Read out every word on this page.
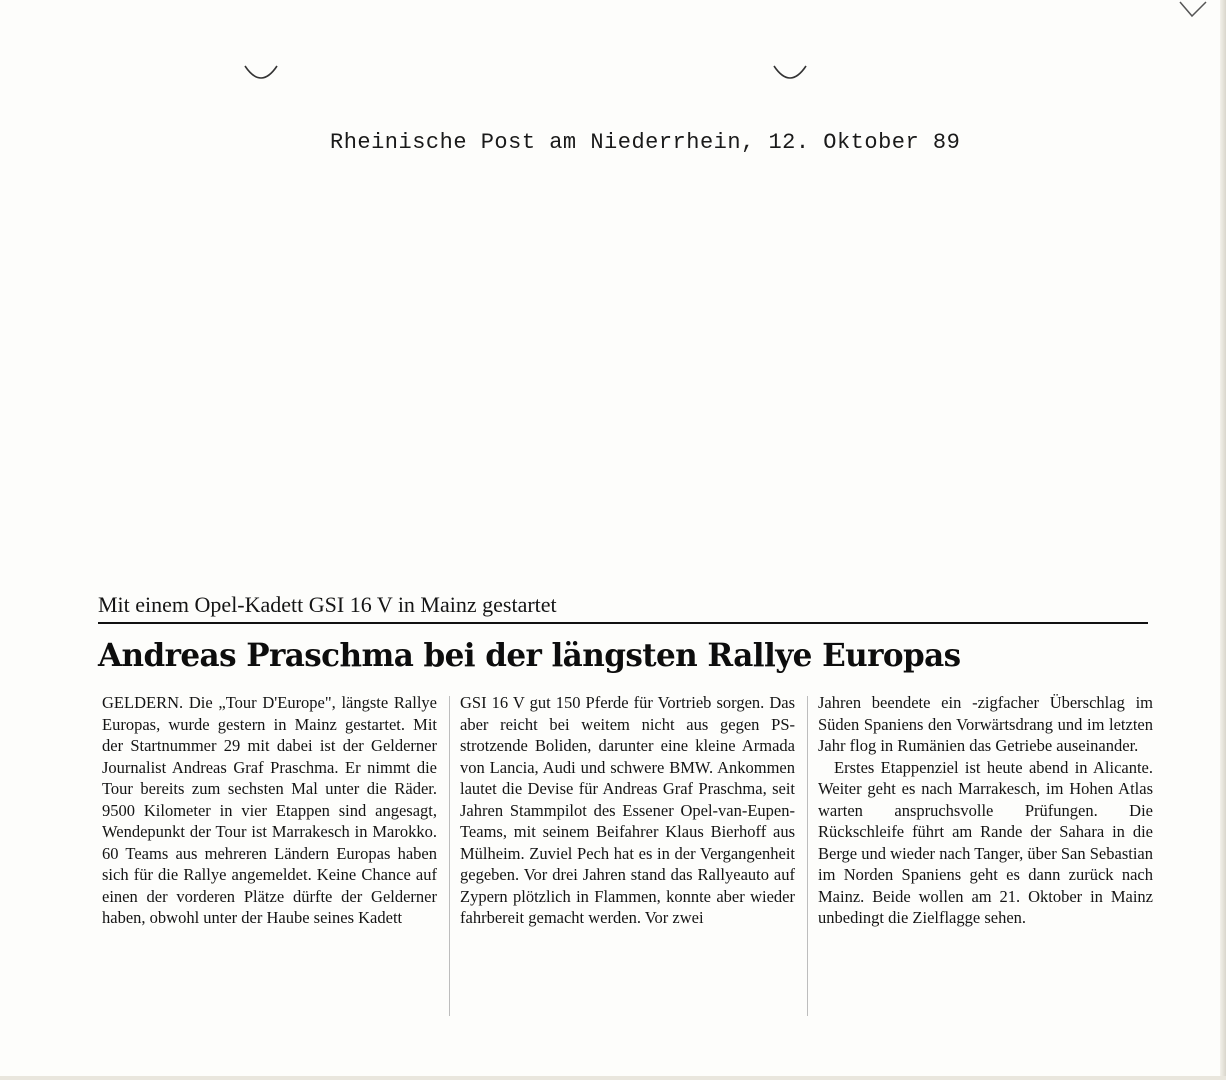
Rheinische Post am Niederrhein, 12. Oktober 89
Mit einem Opel-Kadett GSI 16 V in Mainz gestartet
Andreas Praschma bei der längsten Rallye Europas

GELDERN. Die „Tour D'Europe", längste Rallye Europas, wurde gestern in Mainz gestartet. Mit der Startnummer 29 mit dabei ist der Gelderner Journalist Andreas Graf Praschma. Er nimmt die Tour bereits zum sechsten Mal unter die Räder. 9500 Kilometer in vier Etappen sind angesagt, Wendepunkt der Tour ist Marrakesch in Marokko. 60 Teams aus mehreren Ländern Europas haben sich für die Rallye angemeldet. Keine Chance auf einen der vorderen Plätze dürfte der Gelderner haben, obwohl unter der Haube seines Kadett

GSI 16 V gut 150 Pferde für Vortrieb sorgen. Das aber reicht bei weitem nicht aus gegen PS-strotzende Boliden, darunter eine kleine Armada von Lancia, Audi und schwere BMW. Ankommen lautet die Devise für Andreas Graf Praschma, seit Jahren Stammpilot des Essener Opel-van-Eupen-Teams, mit seinem Beifahrer Klaus Bierhoff aus Mülheim. Zuviel Pech hat es in der Vergangenheit gegeben. Vor drei Jahren stand das Rallyeauto auf Zypern plötzlich in Flammen, konnte aber wieder fahrbereit gemacht werden. Vor zwei

Jahren beendete ein -zigfacher Überschlag im Süden Spaniens den Vorwärtsdrang und im letzten Jahr flog in Rumänien das Getriebe auseinander.

Erstes Etappenziel ist heute abend in Alicante. Weiter geht es nach Marrakesch, im Hohen Atlas warten anspruchsvolle Prüfungen. Die Rückschleife führt am Rande der Sahara in die Berge und wieder nach Tanger, über San Sebastian im Norden Spaniens geht es dann zurück nach Mainz. Beide wollen am 21. Oktober in Mainz unbedingt die Zielflagge sehen.
